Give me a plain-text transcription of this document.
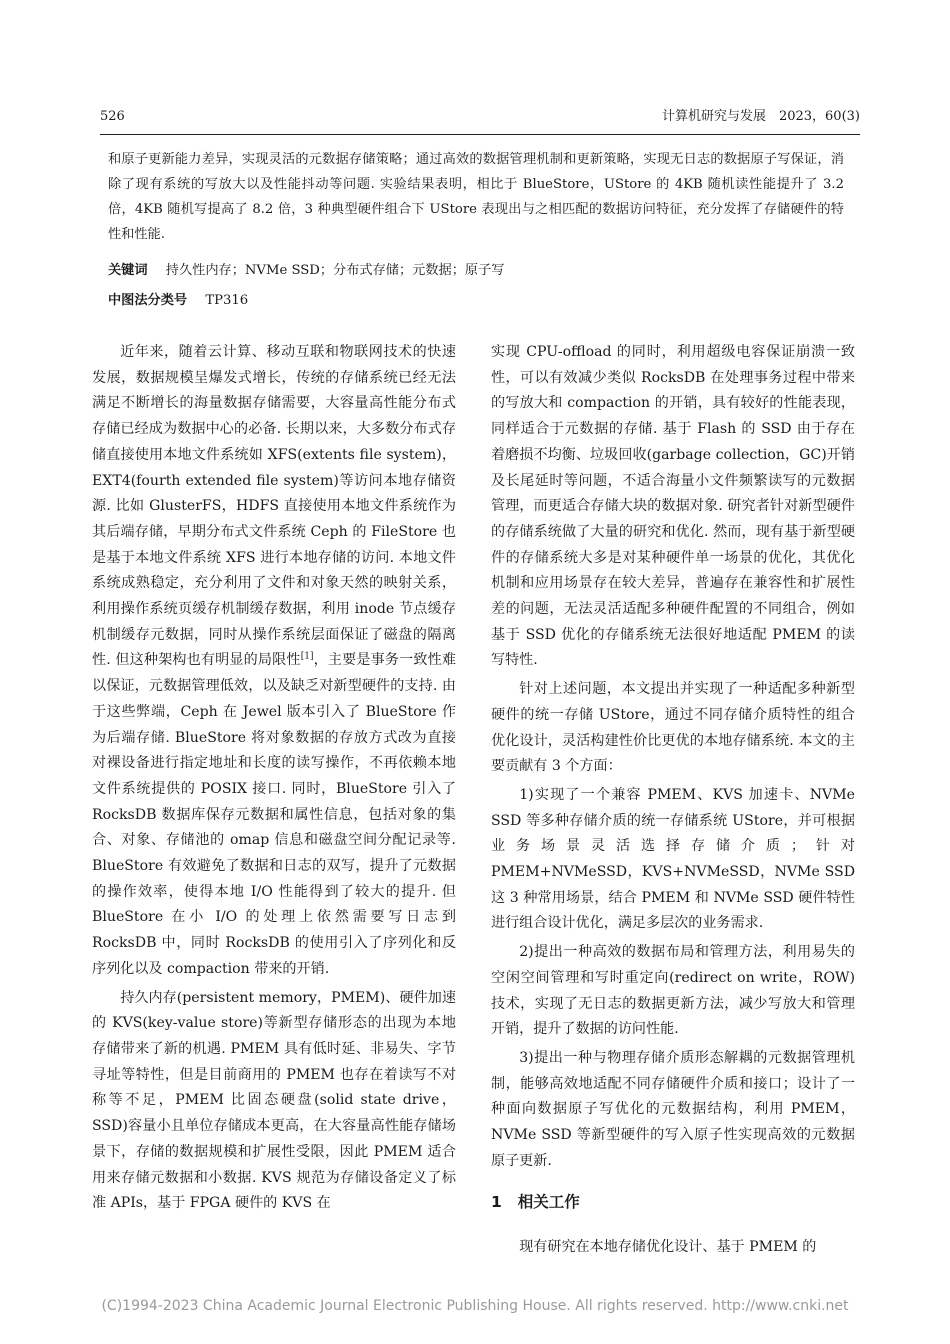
526	计算机研究与发展　2023，60(3)

和原子更新能力差异，实现灵活的元数据存储策略；通过高效的数据管理机制和更新策略，实现无日志的数据原子写保证，消除了现有系统的写放大以及性能抖动等问题. 实验结果表明，相比于 BlueStore，UStore 的 4KB 随机读性能提升了 3.2 倍，4KB 随机写提高了 8.2 倍，3 种典型硬件组合下 UStore 表现出与之相匹配的数据访问特征，充分发挥了存储硬件的特性和性能.

关键词 持久性内存；NVMe SSD；分布式存储；元数据；原子写

中图法分类号 TP316

近年来，随着云计算、移动互联和物联网技术的快速发展，数据规模呈爆发式增长，传统的存储系统已经无法满足不断增长的海量数据存储需要，大容量高性能分布式存储已经成为数据中心的必备. 长期以来，大多数分布式存储直接使用本地文件系统如 XFS(extents file system)，EXT4(fourth extended file system)等访问本地存储资源. 比如 GlusterFS，HDFS 直接使用本地文件系统作为其后端存储，早期分布式文件系统 Ceph 的 FileStore 也是基于本地文件系统 XFS 进行本地存储的访问. 本地文件系统成熟稳定，充分利用了文件和对象天然的映射关系，利用操作系统页缓存机制缓存数据，利用 inode 节点缓存机制缓存元数据，同时从操作系统层面保证了磁盘的隔离性. 但这种架构也有明显的局限性[1]，主要是事务一致性难以保证，元数据管理低效，以及缺乏对新型硬件的支持. 由于这些弊端，Ceph 在 Jewel 版本引入了 BlueStore 作为后端存储. BlueStore 将对象数据的存放方式改为直接对裸设备进行指定地址和长度的读写操作，不再依赖本地文件系统提供的 POSIX 接口. 同时，BlueStore 引入了 RocksDB 数据库保存元数据和属性信息，包括对象的集合、对象、存储池的 omap 信息和磁盘空间分配记录等. BlueStore 有效避免了数据和日志的双写，提升了元数据的操作效率，使得本地 I/O 性能得到了较大的提升. 但 BlueStore 在小 I/O 的处理上依然需要写日志到 RocksDB 中，同时 RocksDB 的使用引入了序列化和反序列化以及 compaction 带来的开销.

持久内存(persistent memory，PMEM)、硬件加速的 KVS(key-value store)等新型存储形态的出现为本地存储带来了新的机遇. PMEM 具有低时延、非易失、字节寻址等特性，但是目前商用的 PMEM 也存在着读写不对称等不足，PMEM 比固态硬盘(solid state drive，SSD)容量小且单位存储成本更高，在大容量高性能存储场景下，存储的数据规模和扩展性受限，因此 PMEM 适合用来存储元数据和小数据. KVS 规范为存储设备定义了标准 APIs，基于 FPGA 硬件的 KVS 在

实现 CPU-offload 的同时，利用超级电容保证崩溃一致性，可以有效减少类似 RocksDB 在处理事务过程中带来的写放大和 compaction 的开销，具有较好的性能表现，同样适合于元数据的存储. 基于 Flash 的 SSD 由于存在着磨损不均衡、垃圾回收(garbage collection，GC)开销及长尾延时等问题，不适合海量小文件频繁读写的元数据管理，而更适合存储大块的数据对象. 研究者针对新型硬件的存储系统做了大量的研究和优化. 然而，现有基于新型硬件的存储系统大多是对某种硬件单一场景的优化，其优化机制和应用场景存在较大差异，普遍存在兼容性和扩展性差的问题，无法灵活适配多种硬件配置的不同组合，例如基于 SSD 优化的存储系统无法很好地适配 PMEM 的读写特性.

针对上述问题，本文提出并实现了一种适配多种新型硬件的统一存储 UStore，通过不同存储介质特性的组合优化设计，灵活构建性价比更优的本地存储系统. 本文的主要贡献有 3 个方面：

1)实现了一个兼容 PMEM、KVS 加速卡、NVMe SSD 等多种存储介质的统一存储系统 UStore，并可根据业务场景灵活选择存储介质；针对 PMEM+NVMeSSD，KVS+NVMeSSD，NVMe SSD 这 3 种常用场景，结合 PMEM 和 NVMe SSD 硬件特性进行组合设计优化，满足多层次的业务需求.

2)提出一种高效的数据布局和管理方法，利用易失的空闲空间管理和写时重定向(redirect on write，ROW)技术，实现了无日志的数据更新方法，减少写放大和管理开销，提升了数据的访问性能.

3)提出一种与物理存储介质形态解耦的元数据管理机制，能够高效地适配不同存储硬件介质和接口；设计了一种面向数据原子写优化的元数据结构，利用 PMEM，NVMe SSD 等新型硬件的写入原子性实现高效的元数据原子更新.

1 相关工作

现有研究在本地存储优化设计、基于 PMEM 的

(C)1994-2023 China Academic Journal Electronic Publishing House. All rights reserved. http://www.cnki.net
